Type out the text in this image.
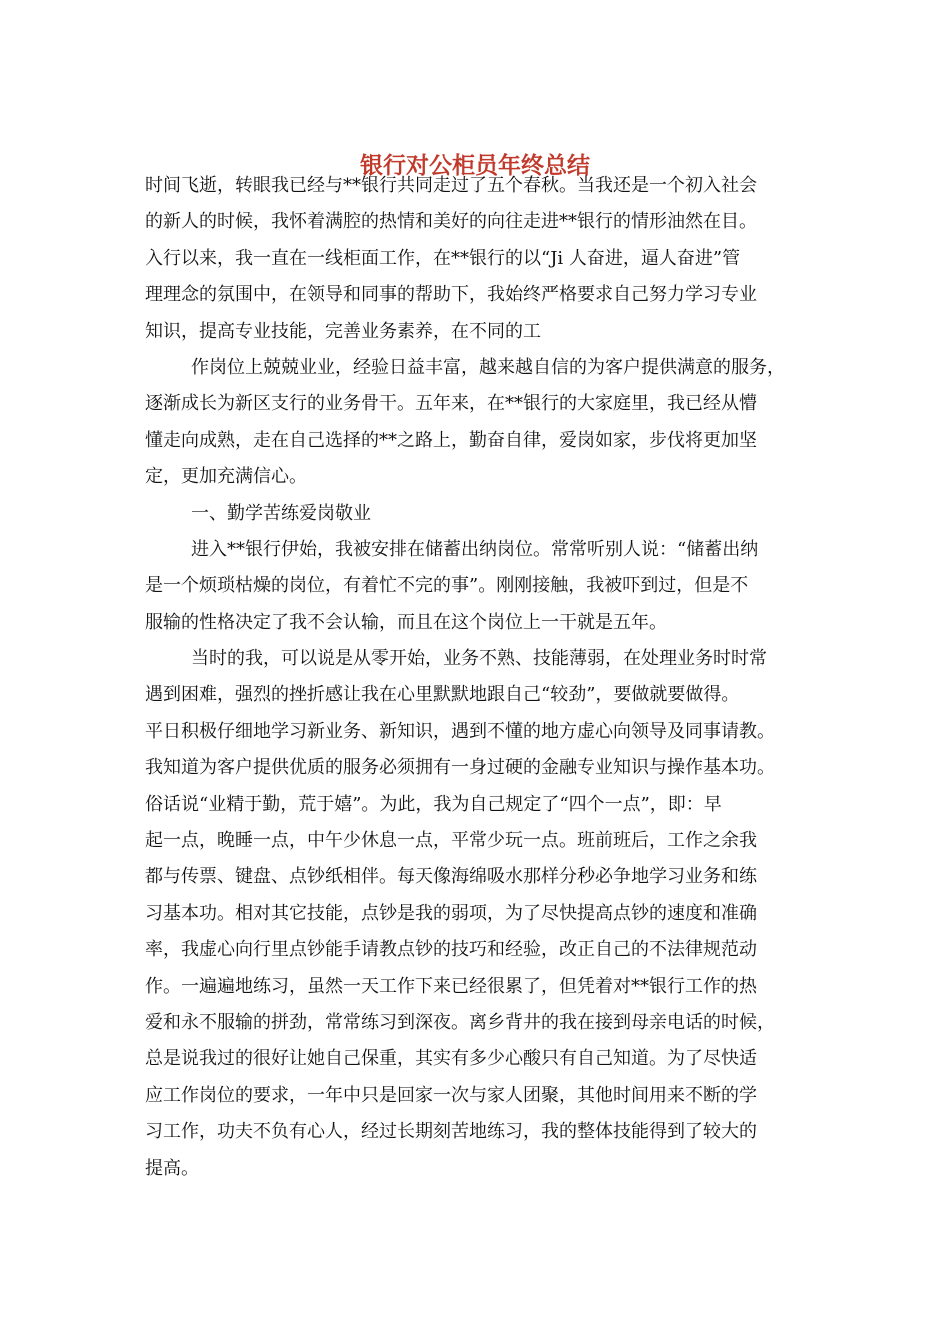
银行对公柜员年终总结
时间飞逝，转眼我已经与**银行共同走过了五个春秋。当我还是一个初入社会
的新人的时候，我怀着满腔的热情和美好的向往走进**银行的情形油然在目。
入行以来，我一直在一线柜面工作，在**银行的以“Ji 人奋进，逼人奋进”管
理理念的氛围中，在领导和同事的帮助下，我始终严格要求自己努力学习专业
知识，提高专业技能，完善业务素养，在不同的工
作岗位上兢兢业业，经验日益丰富，越来越自信的为客户提供满意的服务，
逐渐成长为新区支行的业务骨干。五年来，在**银行的大家庭里，我已经从懵
懂走向成熟，走在自己选择的**之路上，勤奋自律，爱岗如家，步伐将更加坚
定，更加充满信心。
一、勤学苦练爱岗敬业
进入**银行伊始，我被安排在储蓄出纳岗位。常常听别人说：“储蓄出纳
是一个烦琐枯燥的岗位，有着忙不完的事”。刚刚接触，我被吓到过，但是不
服输的性格决定了我不会认输，而且在这个岗位上一干就是五年。
当时的我，可以说是从零开始，业务不熟、技能薄弱，在处理业务时时常
遇到困难，强烈的挫折感让我在心里默默地跟自己“较劲”，要做就要做得。
平日积极仔细地学习新业务、新知识，遇到不懂的地方虚心向领导及同事请教。
我知道为客户提供优质的服务必须拥有一身过硬的金融专业知识与操作基本功。
俗话说“业精于勤，荒于嬉”。为此，我为自己规定了“四个一点”，即：早
起一点，晚睡一点，中午少休息一点，平常少玩一点。班前班后，工作之余我
都与传票、键盘、点钞纸相伴。每天像海绵吸水那样分秒必争地学习业务和练
习基本功。相对其它技能，点钞是我的弱项，为了尽快提高点钞的速度和准确
率，我虚心向行里点钞能手请教点钞的技巧和经验，改正自己的不法律规范动
作。一遍遍地练习，虽然一天工作下来已经很累了，但凭着对**银行工作的热
爱和永不服输的拼劲，常常练习到深夜。离乡背井的我在接到母亲电话的时候，
总是说我过的很好让她自己保重，其实有多少心酸只有自己知道。为了尽快适
应工作岗位的要求，一年中只是回家一次与家人团聚，其他时间用来不断的学
习工作，功夫不负有心人，经过长期刻苦地练习，我的整体技能得到了较大的
提高。
